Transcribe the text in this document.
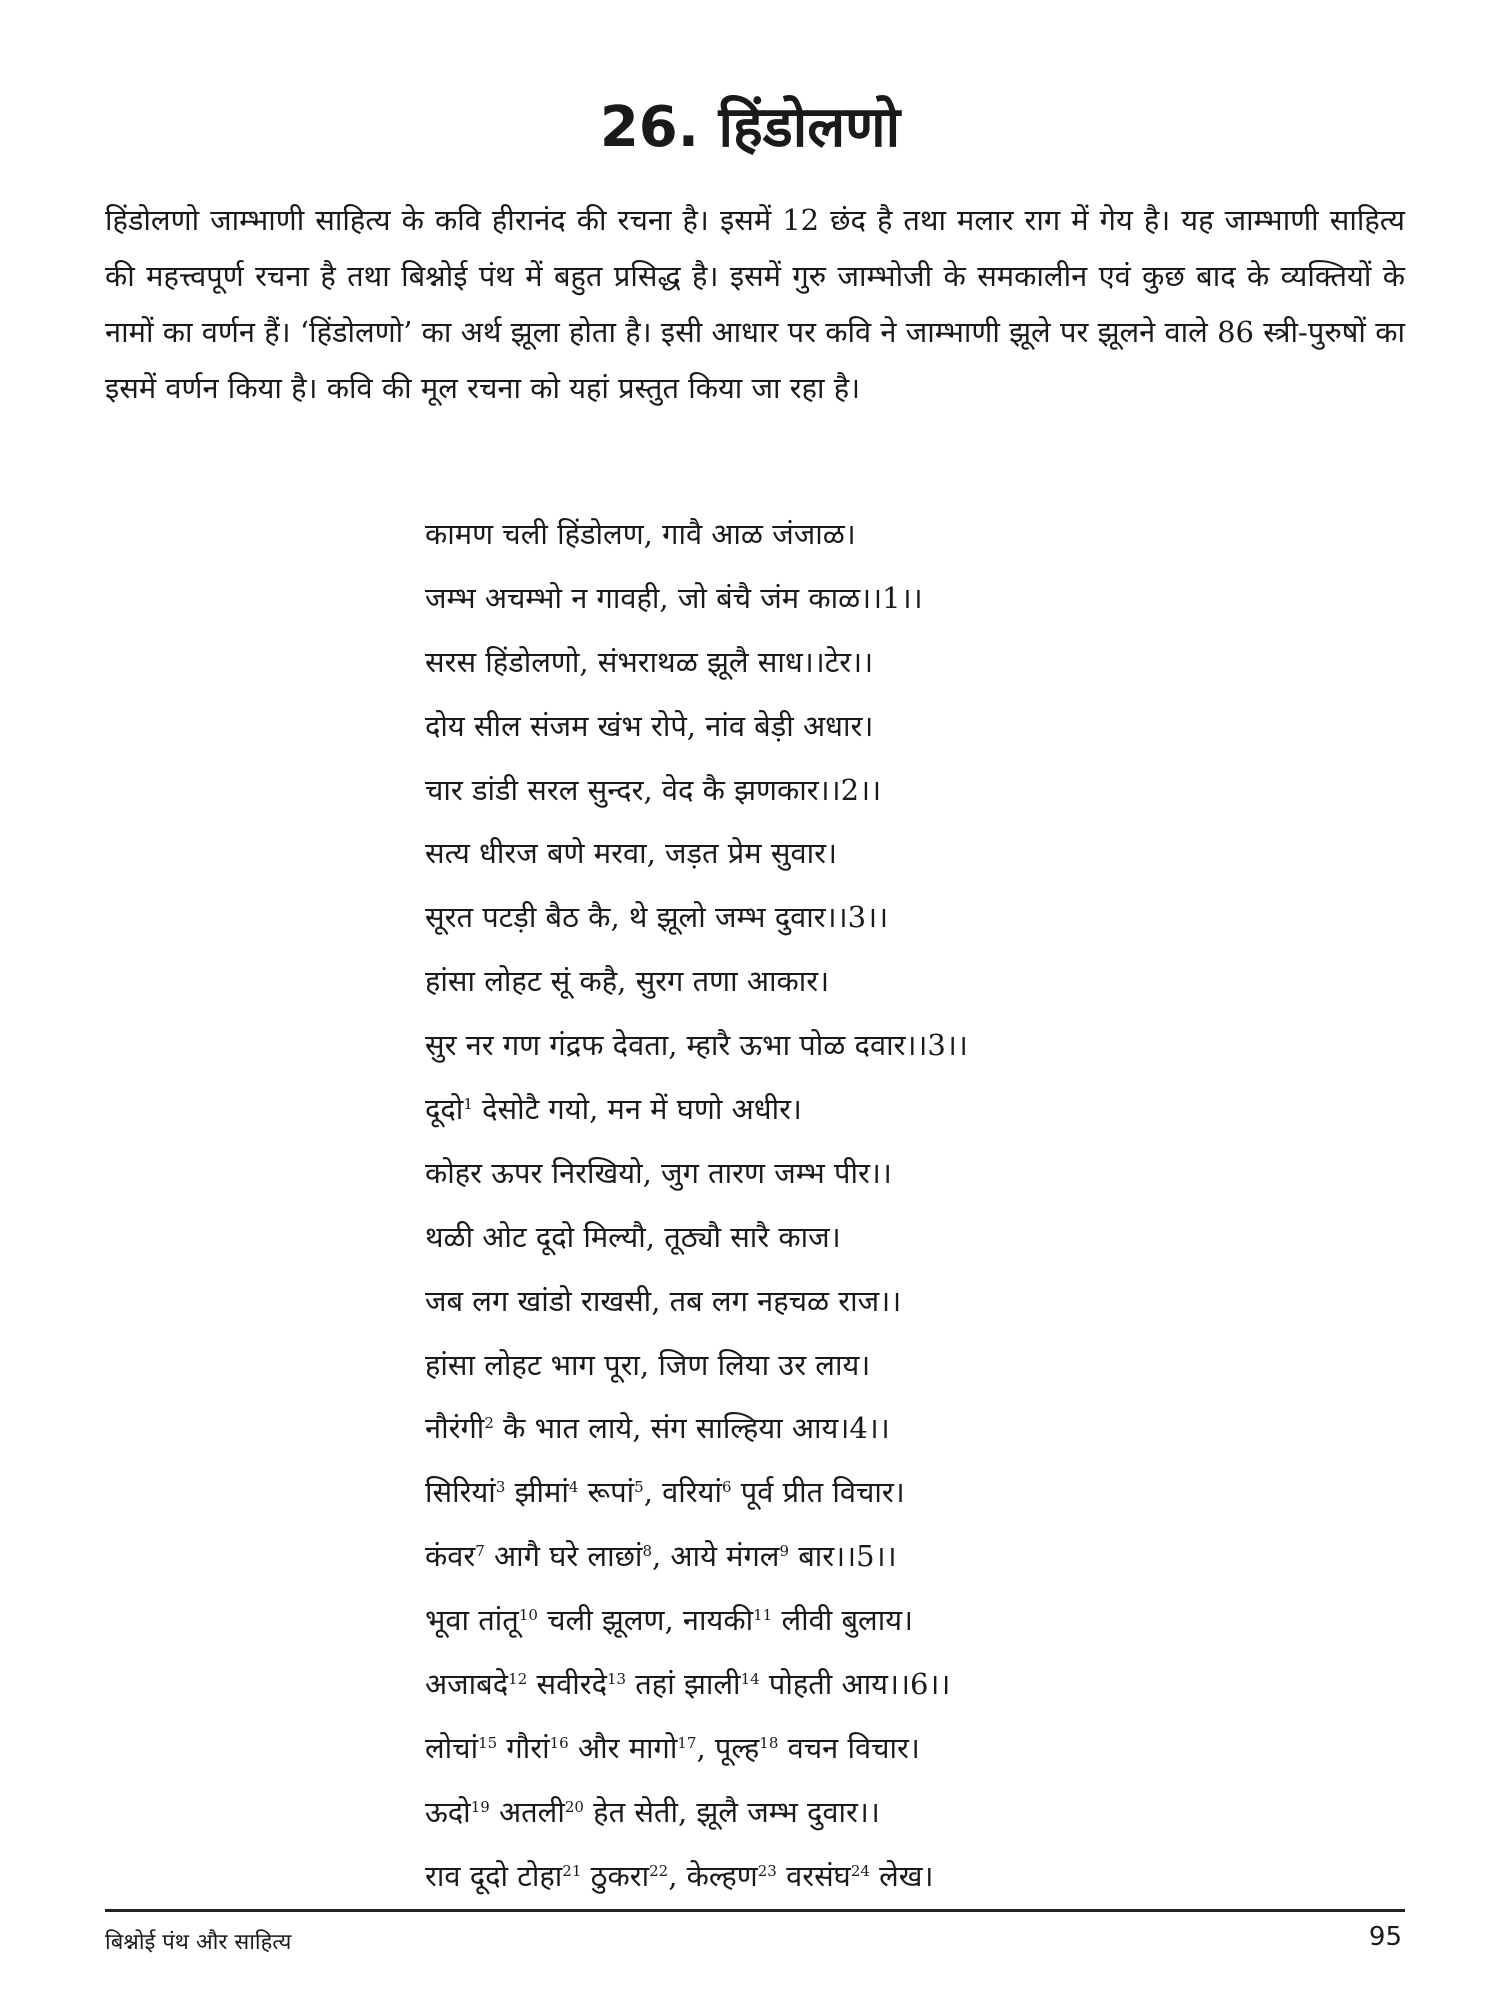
26. हिंडोलणो

हिंडोलणो जाम्भाणी साहित्य के कवि हीरानंद की रचना है। इसमें 12 छंद है तथा मलार राग में गेय है। यह जाम्भाणी साहित्य की महत्त्वपूर्ण रचना है तथा बिश्नोई पंथ में बहुत प्रसिद्ध है। इसमें गुरु जाम्भोजी के समकालीन एवं कुछ बाद के व्यक्तियों के नामों का वर्णन हैं। ‘हिंडोलणो’ का अर्थ झूला होता है। इसी आधार पर कवि ने जाम्भाणी झूले पर झूलने वाले 86 स्त्री-पुरुषों का इसमें वर्णन किया है। कवि की मूल रचना को यहां प्रस्तुत किया जा रहा है।

कामण चली हिंडोलण, गावै आळ जंजाळ।
जम्भ अचम्भो न गावही, जो बंचै जंम काळ।।1।।
सरस हिंडोलणो, संभराथळ झूलै साध।।टेर।।
दोय सील संजम खंभ रोपे, नांव बेड़ी अधार।
चार डांडी सरल सुन्दर, वेद कै झणकार।।2।।
सत्य धीरज बणे मरवा, जड़त प्रेम सुवार।
सूरत पटड़ी बैठ कै, थे झूलो जम्भ दुवार।।3।।
हांसा लोहट सूं कहै, सुरग तणा आकार।
सुर नर गण गंद्रफ देवता, म्हारै ऊभा पोळ दवार।।3।।
दूदो$^1$ देसोटै गयो, मन में घणो अधीर।
कोहर ऊपर निरखियो, जुग तारण जम्भ पीर।।
थळी ओट दूदो मिल्यौ, तूठ्यौ सारै काज।
जब लग खांडो राखसी, तब लग नहचळ राज।।
हांसा लोहट भाग पूरा, जिण लिया उर लाय।
नौरंगी$^2$ कै भात लाये, संग साल्हिया आय।4।।
सिरियां$^3$ झीमां$^4$ रूपां$^5$, वरियां$^6$ पूर्व प्रीत विचार।
कंवर$^7$ आगै घरे लाछां$^8$, आये मंगल$^9$ बार।।5।।
भूवा तांतू$^{10}$ चली झूलण, नायकी$^{11}$ लीवी बुलाय।
अजाबदे$^{12}$ सवीरदे$^{13}$ तहां झाली$^{14}$ पोहती आय।।6।।
लोचां$^{15}$ गौरां$^{16}$ और मागो$^{17}$, पूल्ह$^{18}$ वचन विचार।
ऊदो$^{19}$ अतली$^{20}$ हेत सेती, झूलै जम्भ दुवार।।
राव दूदो टोहा$^{21}$ ठुकरा$^{22}$, केल्हण$^{23}$ वरसंघ$^{24}$ लेख।
बिश्नोई पंथ और साहित्य	95
